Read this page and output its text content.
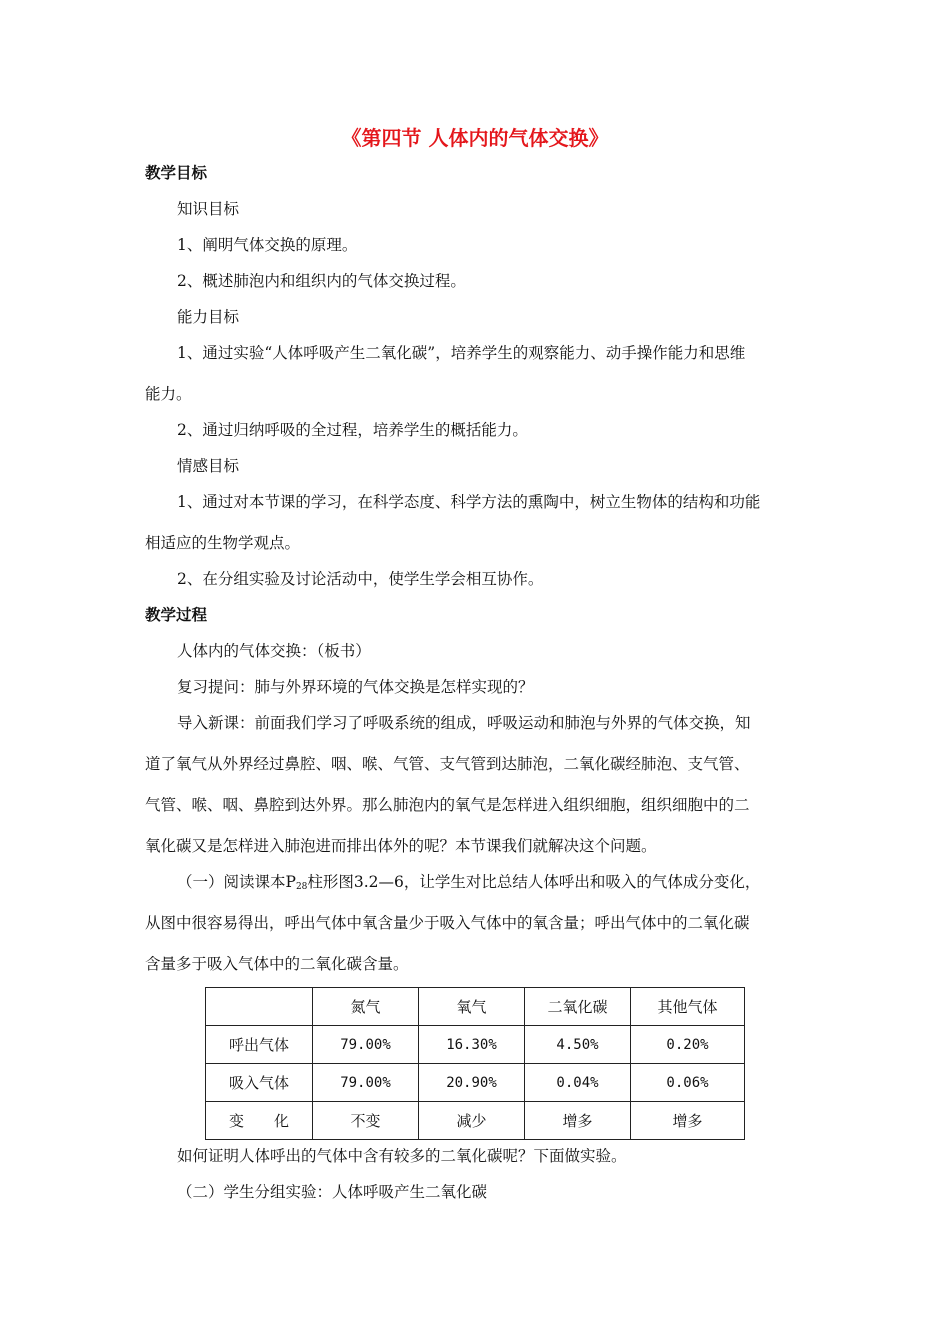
《第四节 人体内的气体交换》

教学目标

知识目标

1、阐明气体交换的原理。

2、概述肺泡内和组织内的气体交换过程。

能力目标

1、通过实验“人体呼吸产生二氧化碳”，培养学生的观察能力、动手操作能力和思维

能力。

2、通过归纳呼吸的全过程，培养学生的概括能力。

情感目标

1、通过对本节课的学习，在科学态度、科学方法的熏陶中，树立生物体的结构和功能

相适应的生物学观点。

2、在分组实验及讨论活动中，使学生学会相互协作。

教学过程

人体内的气体交换：（板书）

复习提问：肺与外界环境的气体交换是怎样实现的？

导入新课：前面我们学习了呼吸系统的组成，呼吸运动和肺泡与外界的气体交换，知

道了氧气从外界经过鼻腔、咽、喉、气管、支气管到达肺泡，二氧化碳经肺泡、支气管、

气管、喉、咽、鼻腔到达外界。那么肺泡内的氧气是怎样进入组织细胞，组织细胞中的二

氧化碳又是怎样进入肺泡进而排出体外的呢？本节课我们就解决这个问题。

（一）阅读课本$P_{28}$柱形图3.2—6，让学生对比总结人体呼出和吸入的气体成分变化，

从图中很容易得出，呼出气体中氧含量少于吸入气体中的氧含量；呼出气体中的二氧化碳

含量多于吸入气体中的二氧化碳含量。

	氮气	氧气	二氧化碳	其他气体
呼出气体	79.00%	16.30%	4.50%	0.20%
吸入气体	79.00%	20.90%	0.04%	0.06%
变　　化	不变	减少	增多	增多

如何证明人体呼出的气体中含有较多的二氧化碳呢？下面做实验。

（二）学生分组实验：人体呼吸产生二氧化碳
